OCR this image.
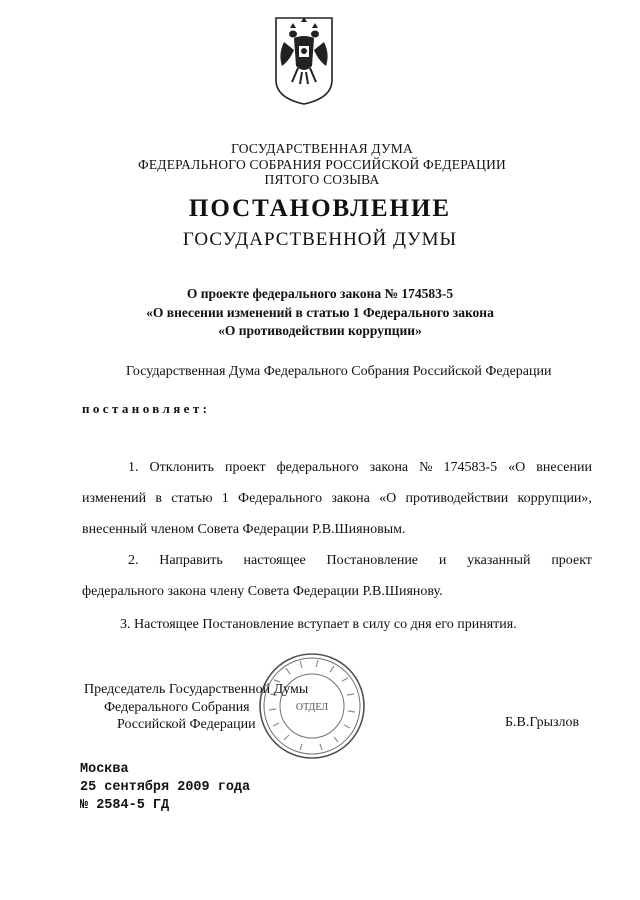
ГОСУДАРСТВЕННАЯ ДУМА
ФЕДЕРАЛЬНОГО СОБРАНИЯ РОССИЙСКОЙ ФЕДЕРАЦИИ
ПЯТОГО СОЗЫВА
ПОСТАНОВЛЕНИЕ
ГОСУДАРСТВЕННОЙ ДУМЫ
О проекте федерального закона № 174583-5
«О внесении изменений в статью 1 Федерального закона
«О противодействии коррупции»
Государственная Дума Федерального Собрания Российской Федерации
постановляет:
1. Отклонить проект федерального закона № 174583-5 «О внесении
изменений в статью 1 Федерального закона «О противодействии коррупции»,
внесенный членом Совета Федерации Р.В.Шияновым.
2. Направить настоящее Постановление и указанный проект
федерального закона члену Совета Федерации Р.В.Шиянову.
3. Настоящее Постановление вступает в силу со дня его принятия.
Председатель Государственной Думы
Федерального Собрания
Российской Федерации	Б.В.Грызлов
ОТДЕЛ
Москва
25 сентября 2009 года
№ 2584-5 ГД
